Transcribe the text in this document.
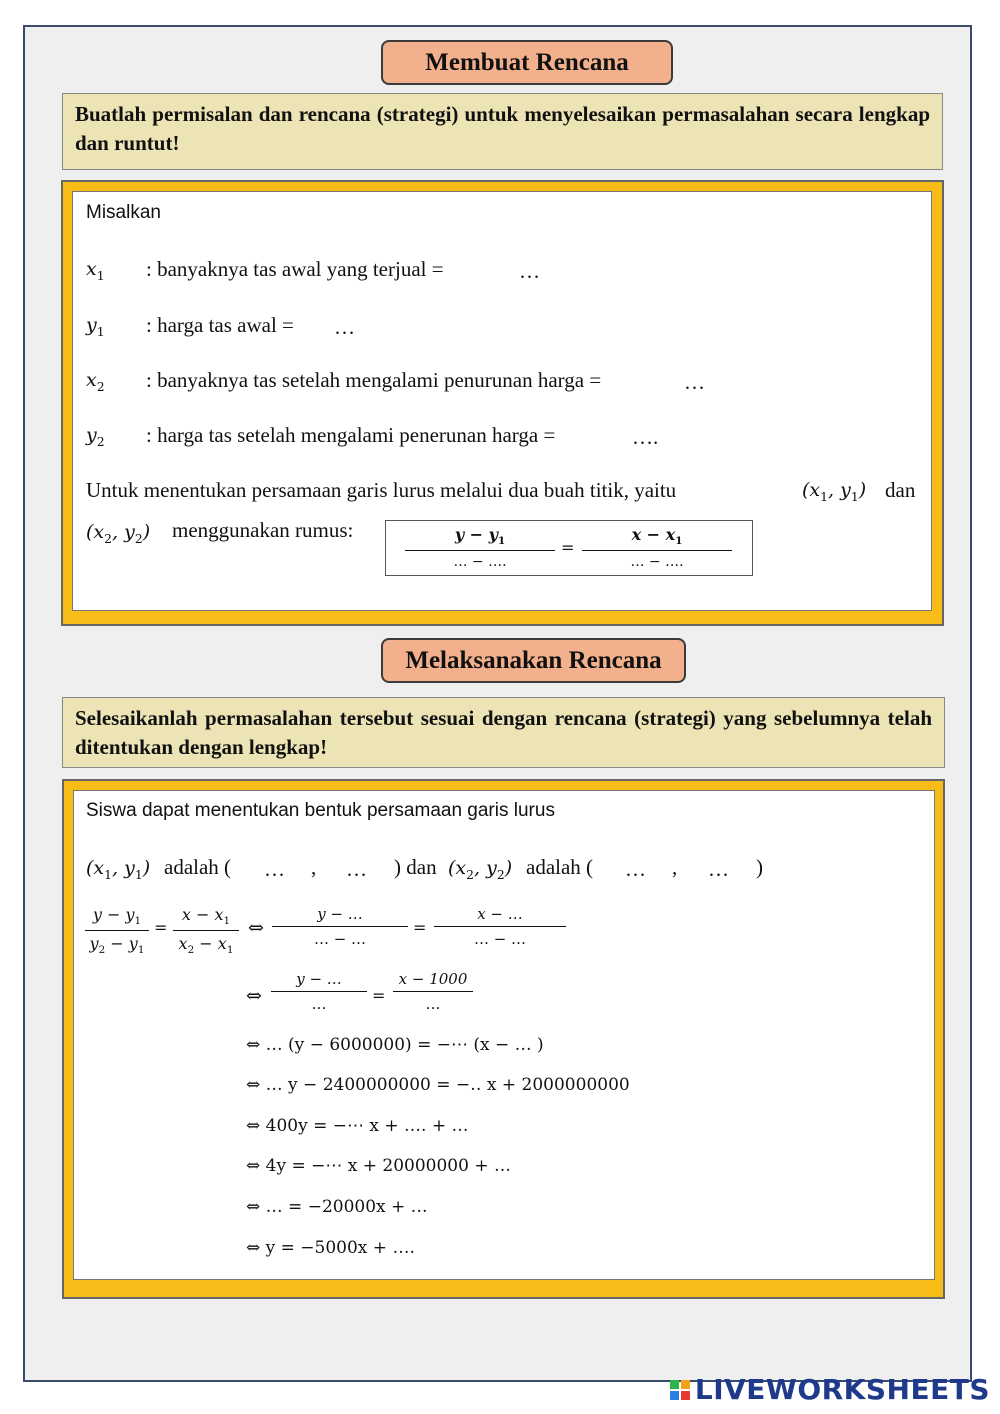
Membuat Rencana
Buatlah permisalan dan rencana (strategi) untuk menyelesaikan permasalahan secara lengkap dan runtut!
Misalkan
$x_1$ : banyaknya tas awal yang terjual =	…
$y_1$ : harga tas awal = …
$x_2$ : banyaknya tas setelah mengalami penurunan harga =	…
$y_2$ : harga tas setelah mengalami penerunan harga =	….
Untuk menentukan persamaan garis lurus melalui dua buah titik, yaitu	($x_1$, $y_1$) dan
($x_2$, $y_2$) menggunakan rumus:	$y - y_1$
… − ….
=
$x - x_1$
… − ….
Melaksanakan Rencana
Selesaikanlah permasalahan tersebut sesuai dengan rencana (strategi) yang sebelumnya telah ditentukan dengan lengkap!
Siswa dapat menentukan bentuk persamaan garis lurus
($x_1$, $y_1$) adalah ( … , … ) dan ($x_2$, $y_2$) adalah ( … , … )
$\frac{y - y_1}{y_2 - y_1} = \frac{x - x_1}{x_2 - x_1}$ ⇔
y − …
… − …
=
x − …
… − …
⇔
y − …
…	=
x − 1000
…
⇔ … (y − 6000000) = −⋯ (x − … )
⇔ … y − 2400000000 = −‥ x + 2000000000
⇔ 400y = −⋯ x + …. + …
⇔ 4y = −⋯ x + 20000000 + …
⇔ … = −20000x + …
⇔ y = −5000x + ….
LIVEWORKSHEETS
